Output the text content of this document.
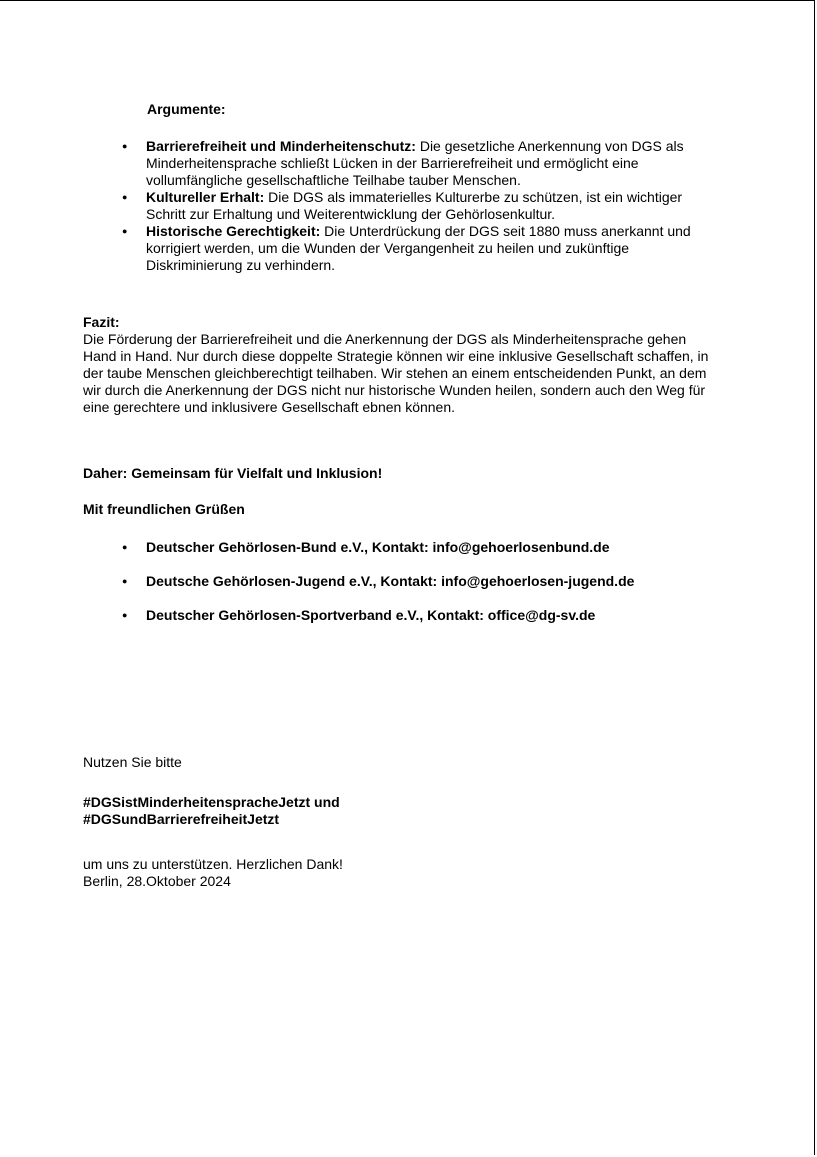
Argumente:
● Barrierefreiheit und Minderheitenschutz: Die gesetzliche Anerkennung von DGS als Minderheitensprache schließt Lücken in der Barrierefreiheit und ermöglicht eine vollumfängliche gesellschaftliche Teilhabe tauber Menschen.
● Kultureller Erhalt: Die DGS als immaterielles Kulturerbe zu schützen, ist ein wichtiger Schritt zur Erhaltung und Weiterentwicklung der Gehörlosenkultur.
● Historische Gerechtigkeit: Die Unterdrückung der DGS seit 1880 muss anerkannt und korrigiert werden, um die Wunden der Vergangenheit zu heilen und zukünftige Diskriminierung zu verhindern.
Fazit:
Die Förderung der Barrierefreiheit und die Anerkennung der DGS als Minderheitensprache gehen Hand in Hand. Nur durch diese doppelte Strategie können wir eine inklusive Gesellschaft schaffen, in der taube Menschen gleichberechtigt teilhaben. Wir stehen an einem entscheidenden Punkt, an dem wir durch die Anerkennung der DGS nicht nur historische Wunden heilen, sondern auch den Weg für eine gerechtere und inklusivere Gesellschaft ebnen können.
Daher: Gemeinsam für Vielfalt und Inklusion!
Mit freundlichen Grüßen
● Deutscher Gehörlosen-Bund e.V., Kontakt: info@gehoerlosenbund.de
● Deutsche Gehörlosen-Jugend e.V., Kontakt: info@gehoerlosen-jugend.de
● Deutscher Gehörlosen-Sportverband e.V., Kontakt: office@dg-sv.de
Nutzen Sie bitte
#DGSistMinderheitenspracheJetzt und
#DGSundBarrierefreiheitJetzt
um uns zu unterstützen. Herzlichen Dank!
Berlin, 28.Oktober 2024
